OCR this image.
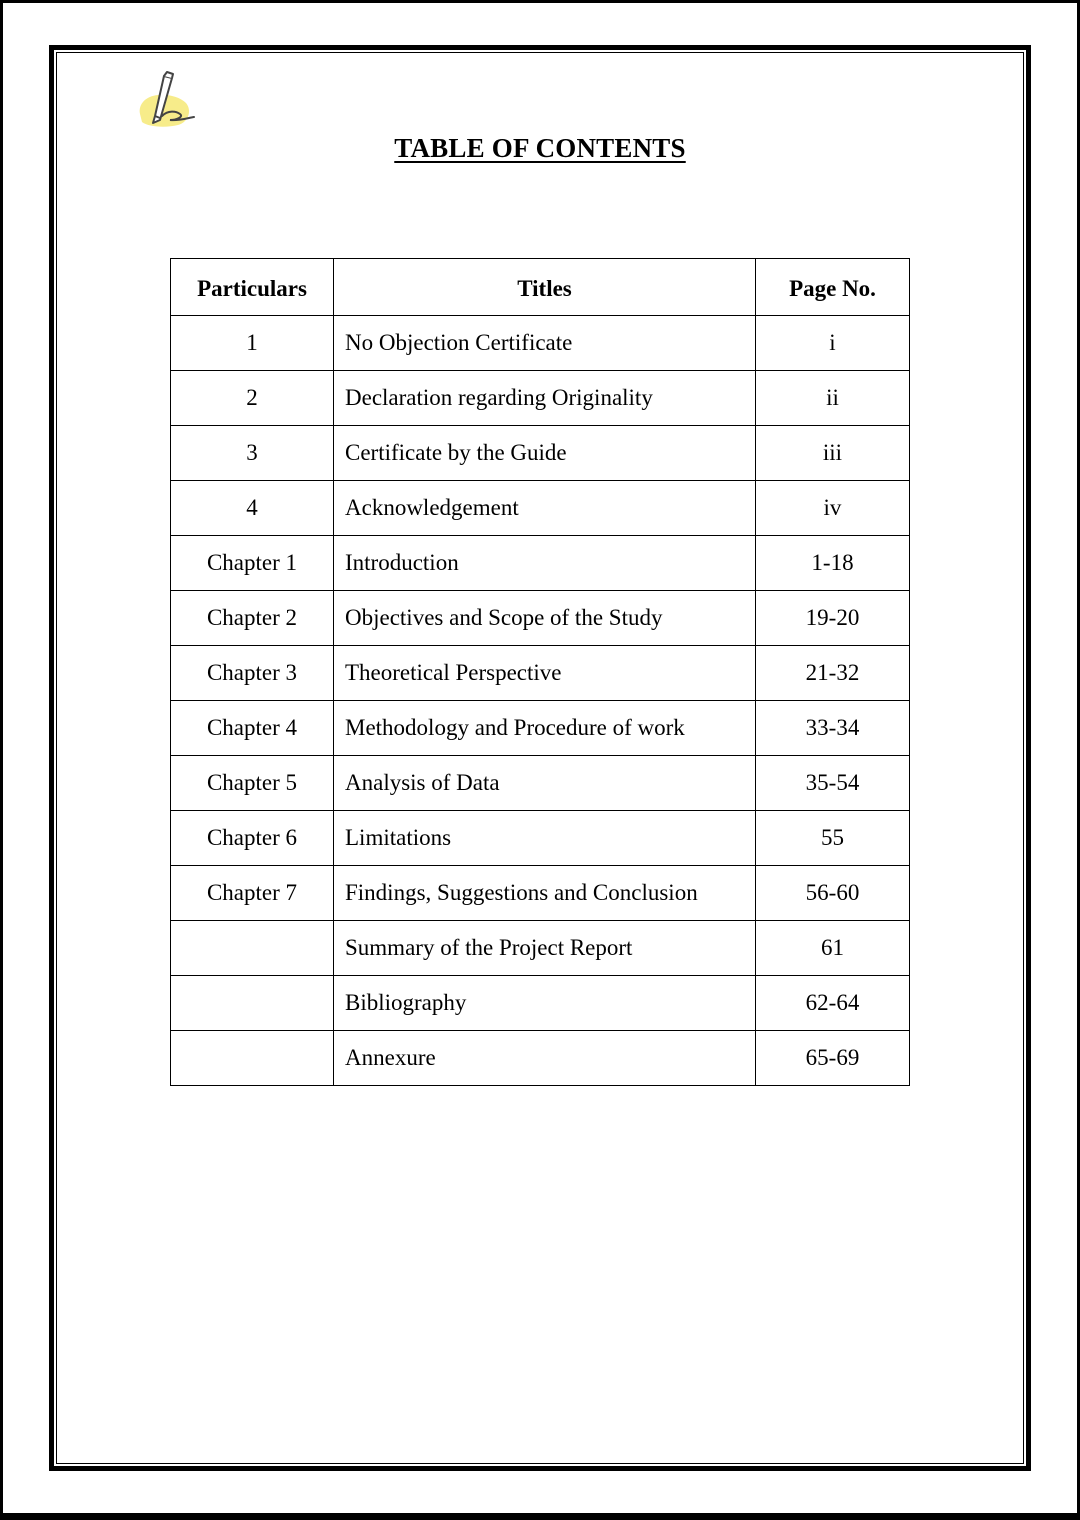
TABLE OF CONTENTS
Particulars	Titles	Page No.
1	No Objection Certificate	i
2	Declaration regarding Originality	ii
3	Certificate by the Guide	iii
4	Acknowledgement	iv
Chapter 1	Introduction	1-18
Chapter 2	Objectives and Scope of the Study	19-20
Chapter 3	Theoretical Perspective	21-32
Chapter 4	Methodology and Procedure of work	33-34
Chapter 5	Analysis of Data	35-54
Chapter 6	Limitations	55
Chapter 7	Findings, Suggestions and Conclusion	56-60
	Summary of the Project Report	61
	Bibliography	62-64
	Annexure	65-69
